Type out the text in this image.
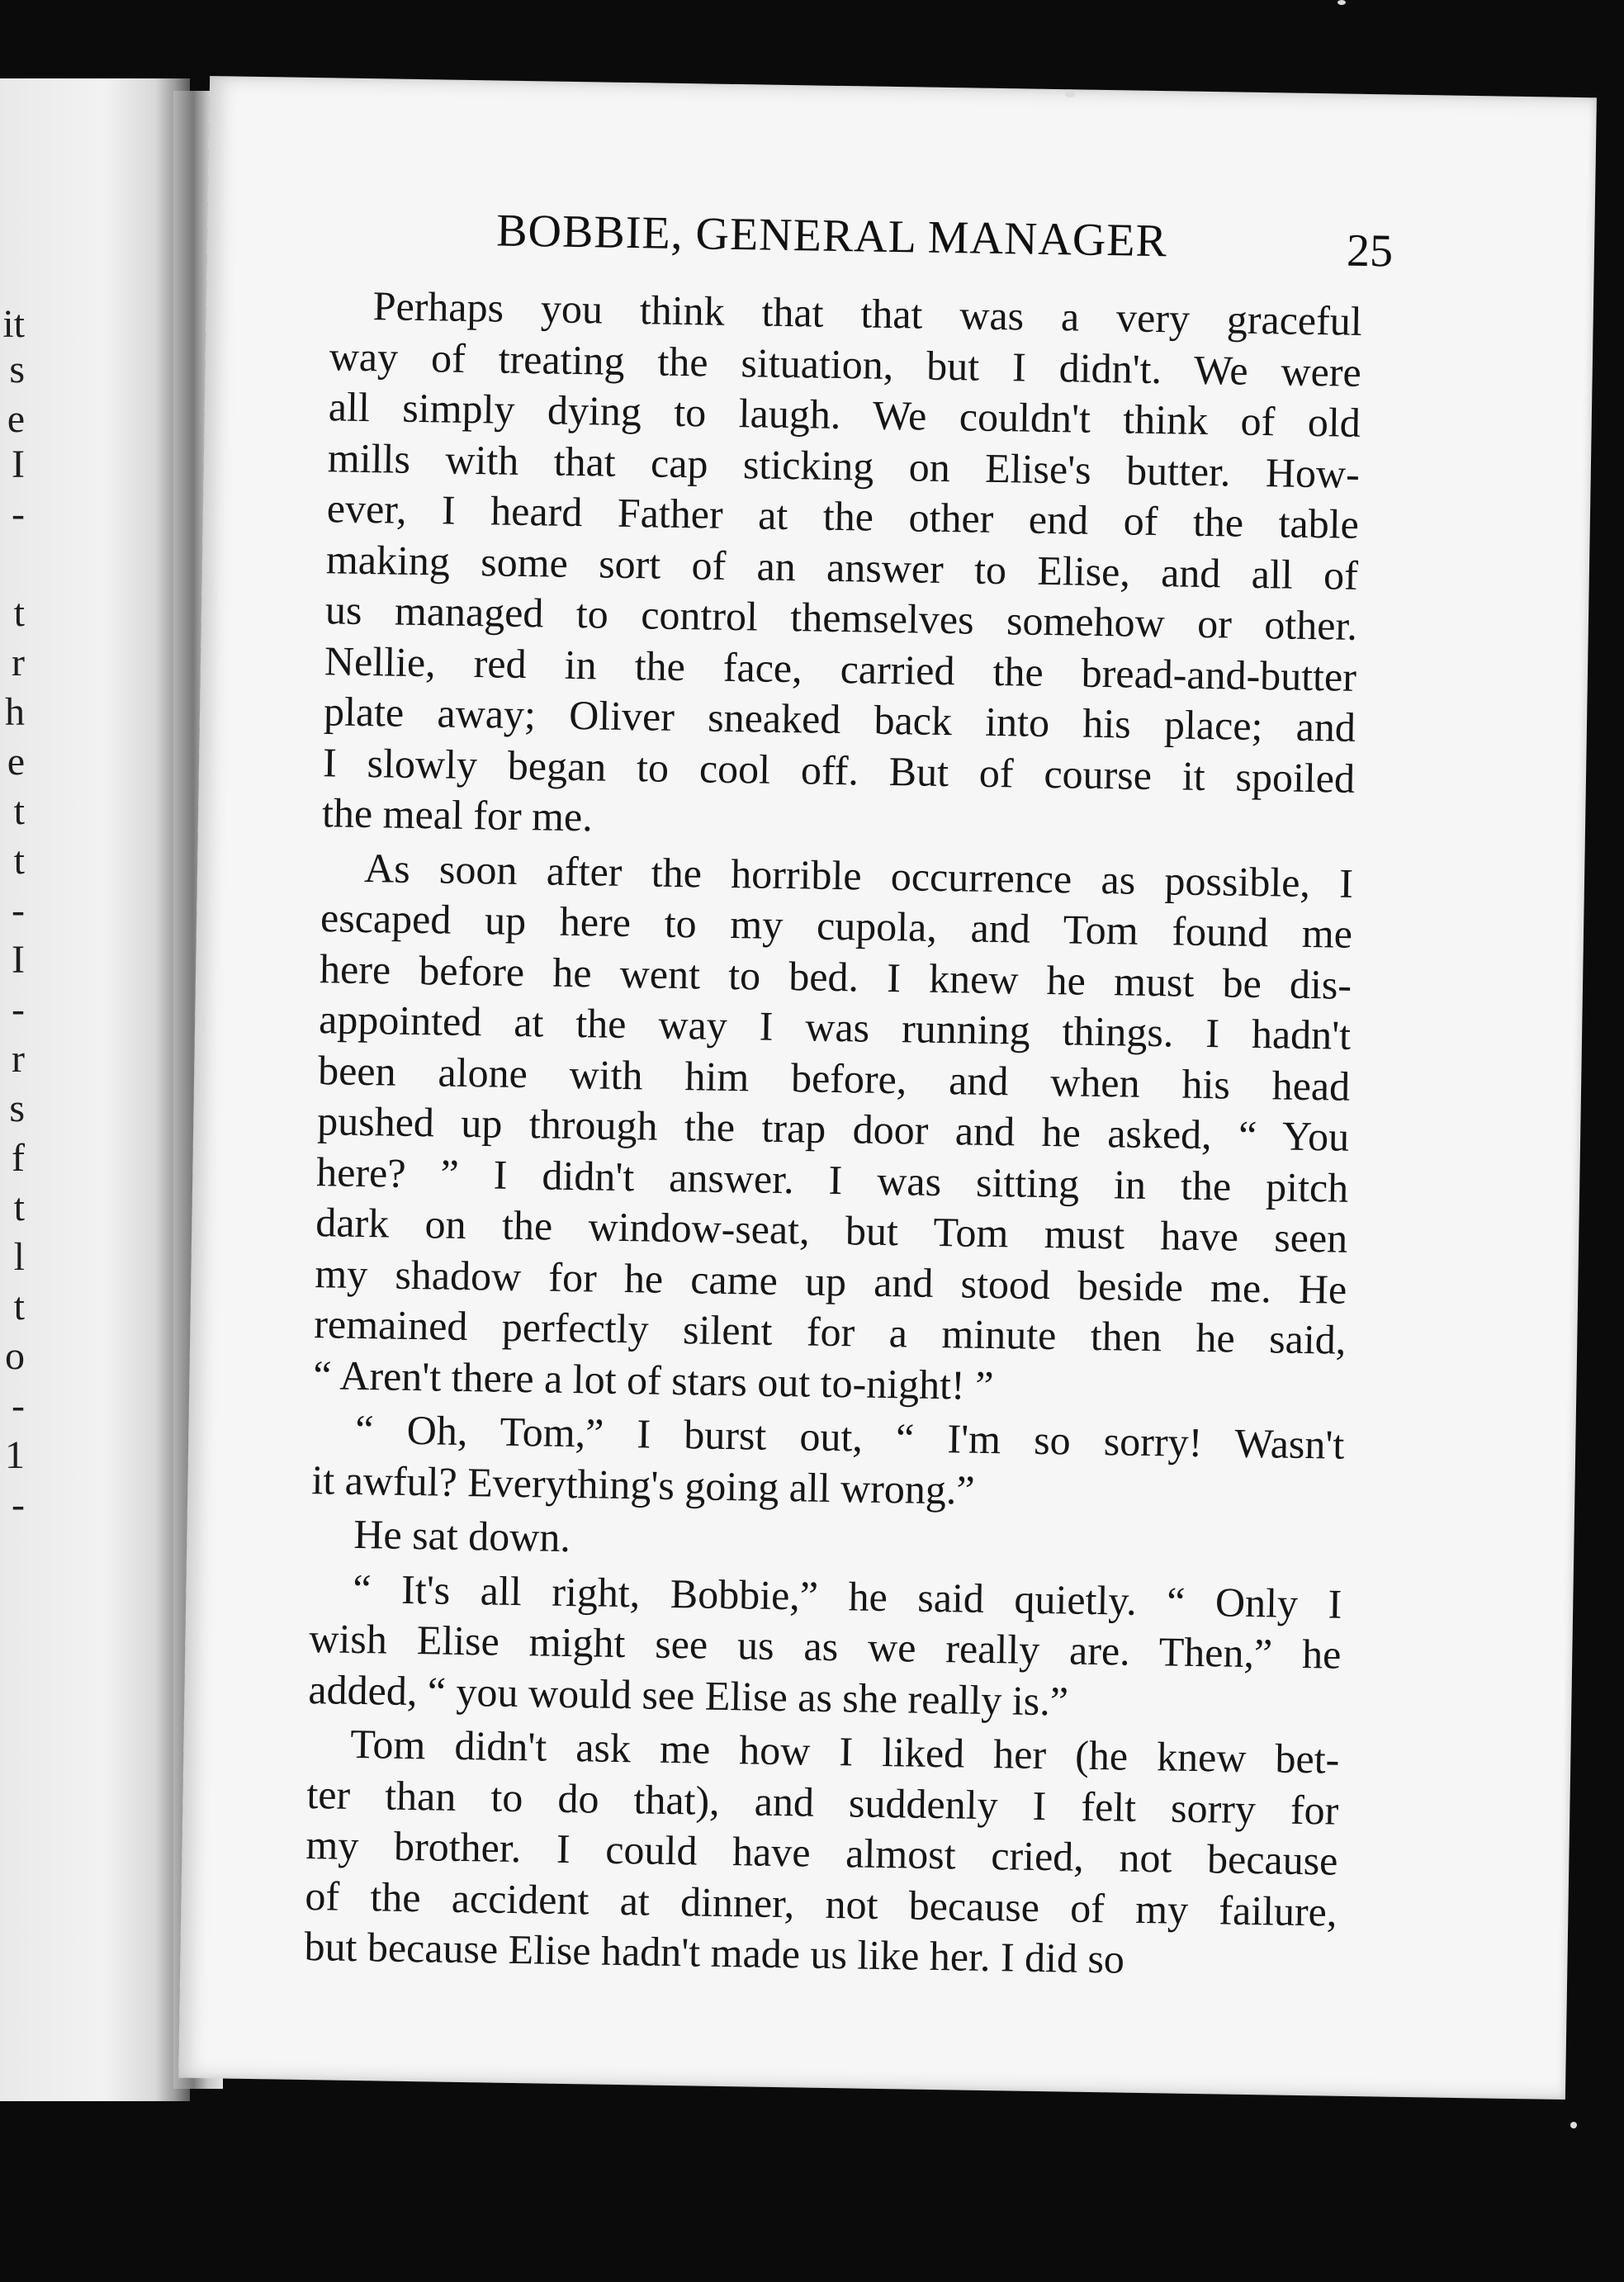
it
s
e
I
-
t
r
h
e
t
t
-
I
-
r
s
f
t
l
t
o
-
1
-
BOBBIE, GENERAL MANAGER	25
Perhaps you think that that was a very graceful
way of treating the situation, but I didn't. We were
all simply dying to laugh. We couldn't think of old
mills with that cap sticking on Elise's butter. How-
ever, I heard Father at the other end of the table
making some sort of an answer to Elise, and all of
us managed to control themselves somehow or other.
Nellie, red in the face, carried the bread-and-butter
plate away; Oliver sneaked back into his place; and
I slowly began to cool off. But of course it spoiled
the meal for me.
As soon after the horrible occurrence as possible, I
escaped up here to my cupola, and Tom found me
here before he went to bed. I knew he must be dis-
appointed at the way I was running things. I hadn't
been alone with him before, and when his head
pushed up through the trap door and he asked, “ You
here? ” I didn't answer. I was sitting in the pitch
dark on the window-seat, but Tom must have seen
my shadow for he came up and stood beside me. He
remained perfectly silent for a minute then he said,
“ Aren't there a lot of stars out to-night! ”
“ Oh, Tom,” I burst out, “ I'm so sorry! Wasn't
it awful? Everything's going all wrong.”
He sat down.
“ It's all right, Bobbie,” he said quietly. “ Only I
wish Elise might see us as we really are. Then,” he
added, “ you would see Elise as she really is.”
Tom didn't ask me how I liked her (he knew bet-
ter than to do that), and suddenly I felt sorry for
my brother. I could have almost cried, not because
of the accident at dinner, not because of my failure,
but because Elise hadn't made us like her. I did so
